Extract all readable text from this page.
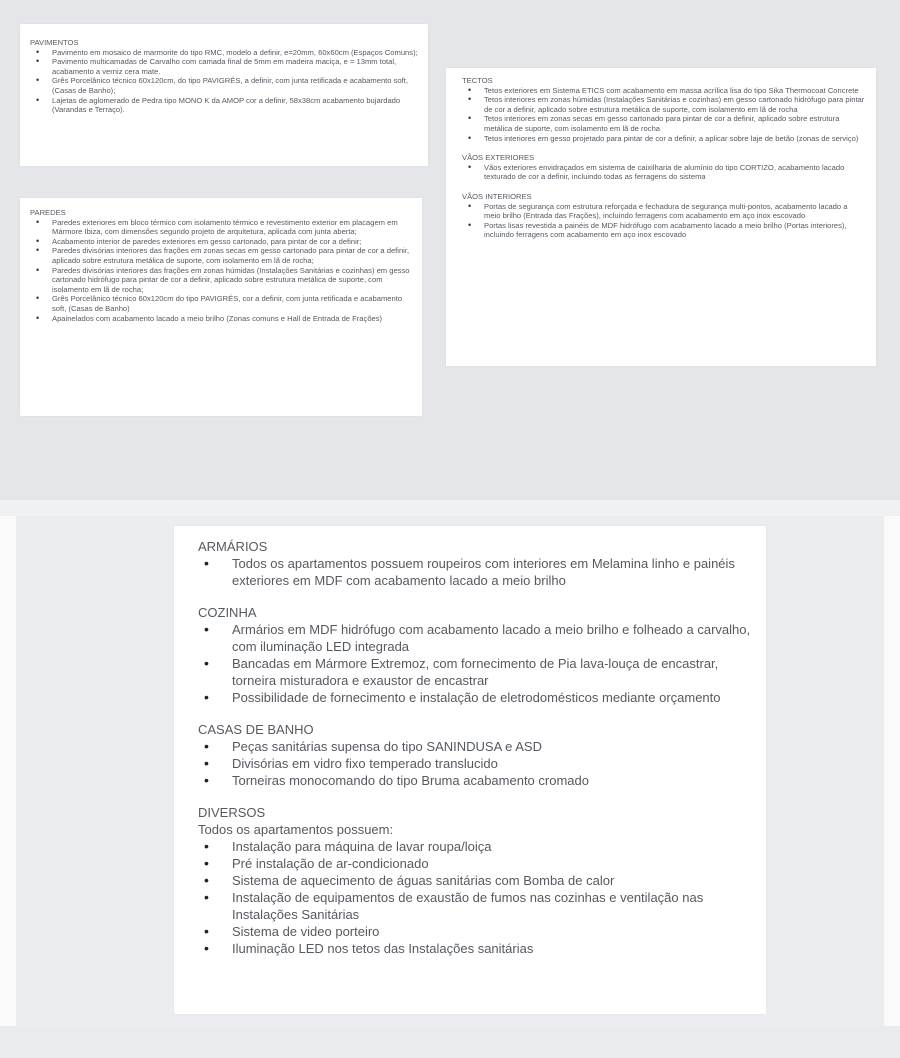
PAVIMENTOS
• Pavimento em mosaico de marmorite do tipo RMC, modelo a definir, e=20mm, 60x60cm (Espaços Comuns);
• Pavimento multicamadas de Carvalho com camada final de 5mm em madeira maciça, e = 13mm total, acabamento a verniz cera mate.
• Grês Porcelânico técnico 60x120cm, do tipo PAVIGRÉS, a definir, com junta retificada e acabamento soft, (Casas de Banho);
• Lajetas de aglomerado de Pedra tipo MONO K da AMOP cor a definir, 58x38cm acabamento bujardado (Varandas e Terraço).
PAREDES
• Paredes exteriores em bloco térmico com isolamento térmico e revestimento exterior em placagem em Mármore Ibiza, com dimensões segundo projeto de arquitetura, aplicada com junta aberta;
• Acabamento interior de paredes exteriores em gesso cartonado, para pintar de cor a definir;
• Paredes divisórias interiores das frações em zonas secas em gesso cartonado para pintar de cor a definir, aplicado sobre estrutura metálica de suporte, com isolamento em lã de rocha;
• Paredes divisórias interiores das frações em zonas húmidas (Instalações Sanitárias e cozinhas) em gesso cartonado hidrófugo para pintar de cor a definir, aplicado sobre estrutura metálica de suporte, com isolamento em lã de rocha;
• Grês Porcelânico técnico 60x120cm do tipo PAVIGRÉS, cor a definir, com junta retificada e acabamento soft, (Casas de Banho)
• Apainelados com acabamento lacado a meio brilho (Zonas comuns e Hall de Entrada de Frações)
TECTOS
• Tetos exteriores em Sistema ETICS com acabamento em massa acrílica lisa do tipo Sika Thermocoat Concrete
• Tetos interiores em zonas húmidas (Instalações Sanitárias e cozinhas) em gesso cartonado hidrófugo para pintar de cor a definir, aplicado sobre estrutura metálica de suporte, com isolamento em lã de rocha
• Tetos interiores em zonas secas em gesso cartonado para pintar de cor a definir, aplicado sobre estrutura metálica de suporte, com isolamento em lã de rocha
• Tetos interiores em gesso projetado para pintar de cor a definir, a aplicar sobre laje de betão (zonas de serviço)
VÃOS EXTERIORES
• Vãos exteriores envidraçados em sistema de caixilharia de alumínio do tipo CORTIZO, acabamento lacado texturado de cor a definir, incluindo todas as ferragens do sistema
VÃOS INTERIORES
• Portas de segurança com estrutura reforçada e fechadura de segurança multi-pontos, acabamento lacado a meio brilho (Entrada das Frações), incluindo ferragens com acabamento em aço inox escovado
• Portas lisas revestida a painéis de MDF hidrófugo com acabamento lacado a meio brilho (Portas interiores), incluindo ferragens com acabamento em aço inox escovado
ARMÁRIOS
• Todos os apartamentos possuem roupeiros com interiores em Melamina linho e painéis exteriores em MDF com acabamento lacado a meio brilho
COZINHA
• Armários em MDF hidrófugo com acabamento lacado a meio brilho e folheado a carvalho, com iluminação LED integrada
• Bancadas em Mármore Extremoz, com fornecimento de Pia lava-louça de encastrar, torneira misturadora e exaustor de encastrar
• Possibilidade de fornecimento e instalação de eletrodomésticos mediante orçamento
CASAS DE BANHO
• Peças sanitárias supensa do tipo SANINDUSA e ASD
• Divisórias em vidro fixo temperado translucido
• Torneiras monocomando do tipo Bruma acabamento cromado
DIVERSOS
Todos os apartamentos possuem:
• Instalação para máquina de lavar roupa/loiça
• Pré instalação de ar-condicionado
• Sistema de aquecimento de águas sanitárias com Bomba de calor
• Instalação de equipamentos de exaustão de fumos nas cozinhas e ventilação nas Instalações Sanitárias
• Sistema de video porteiro
• Iluminação LED nos tetos das Instalações sanitárias
